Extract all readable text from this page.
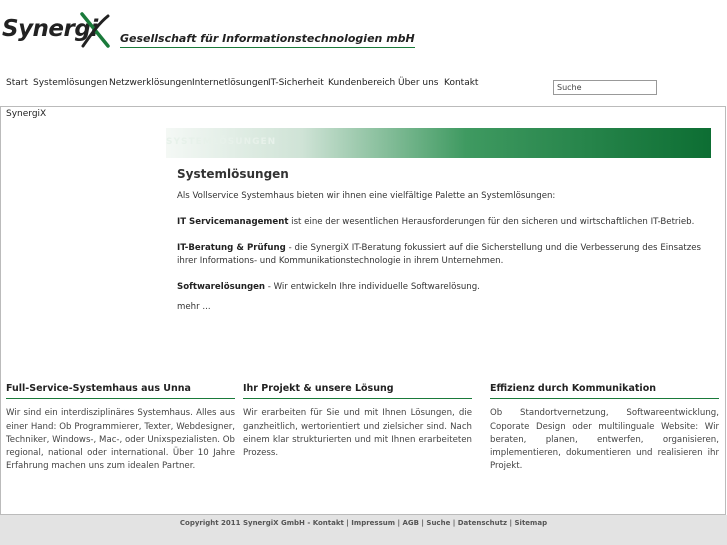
Synergi Gesellschaft für Informationstechnologien mbH
Start Systemlösungen Netzwerklösungen Internetlösungen IT-Sicherheit Kundenbereich Über uns Kontakt
Suche
SynergiX
SYSTEMLÖSUNGEN
Systemlösungen

Als Vollservice Systemhaus bieten wir ihnen eine vielfältige Palette an Systemlösungen:

IT Servicemanagement ist eine der wesentlichen Herausforderungen für den sicheren und wirtschaftlichen IT-Betrieb.

IT-Beratung & Prüfung - die SynergiX IT-Beratung fokussiert auf die Sicherstellung und die Verbesserung des Einsatzes ihrer Informations- und Kommunikationstechnologie in ihrem Unternehmen.

Softwarelösungen - Wir entwickeln Ihre individuelle Softwarelösung.

mehr ...
Full-Service-Systemhaus aus Unna

Wir sind ein interdisziplinäres Systemhaus. Alles aus einer Hand: Ob Programmierer, Texter, Webdesigner, Techniker, Windows-, Mac-, oder Unixspezialisten. Ob regional, national oder international. Über 10 Jahre Erfahrung machen uns zum idealen Partner.

Ihr Projekt & unsere Lösung

Wir erarbeiten für Sie und mit Ihnen Lösungen, die ganzheitlich, wertorientiert und zielsicher sind. Nach einem klar strukturierten und mit Ihnen erarbeiteten Prozess.

Effizienz durch Kommunikation

Ob Standortvernetzung, Softwareentwicklung, Coporate Design oder multilinguale Website: Wir beraten, planen, entwerfen, organisieren, implementieren, dokumentieren und realisieren ihr Projekt.

Copyright 2011 SynergiX GmbH - Kontakt | Impressum | AGB | Suche | Datenschutz | Sitemap
